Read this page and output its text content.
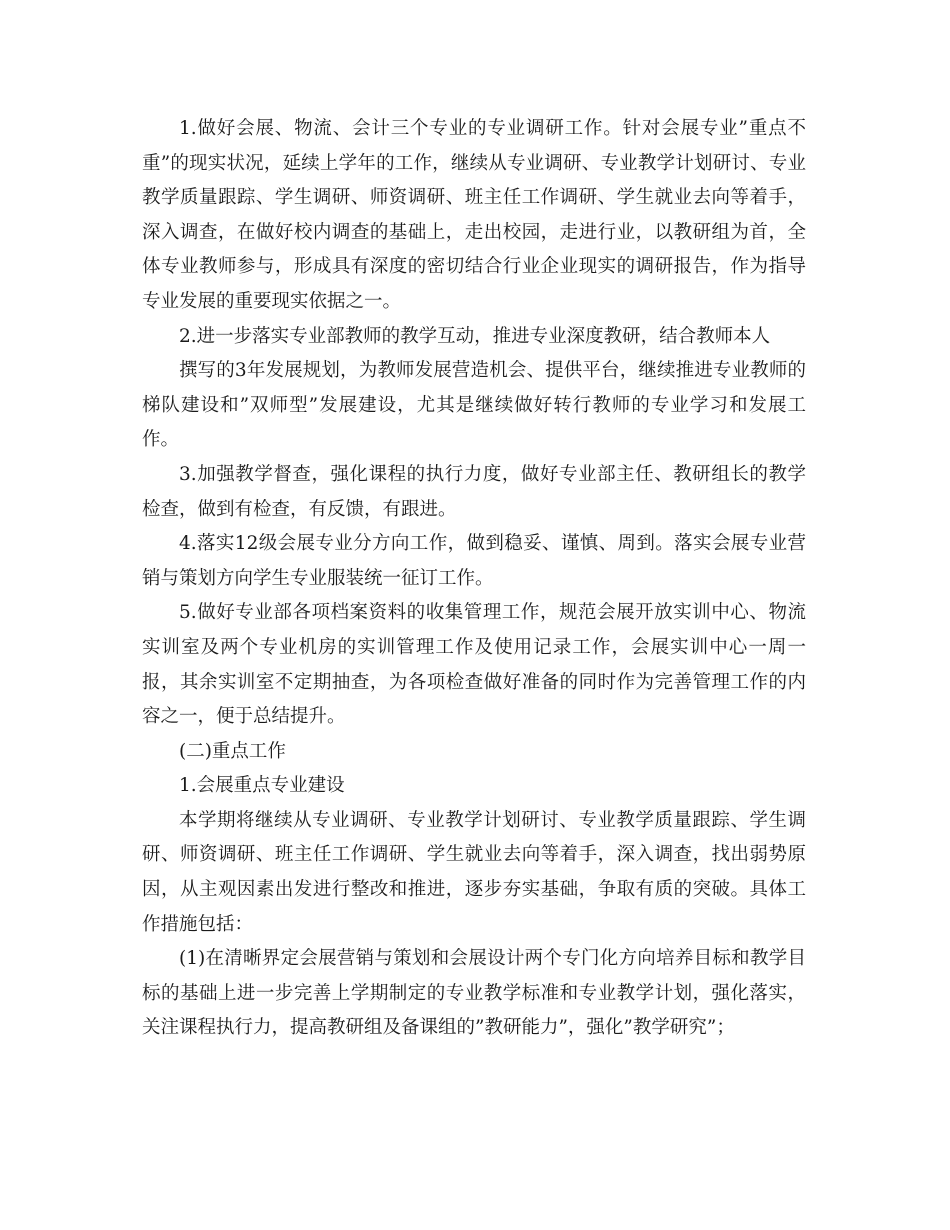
1.做好会展、物流、会计三个专业的专业调研工作。针对会展专业”重点不重”的现实状况，延续上学年的工作，继续从专业调研、专业教学计划研讨、专业教学质量跟踪、学生调研、师资调研、班主任工作调研、学生就业去向等着手，深入调查，在做好校内调查的基础上，走出校园，走进行业，以教研组为首，全体专业教师参与，形成具有深度的密切结合行业企业现实的调研报告，作为指导专业发展的重要现实依据之一。

2.进一步落实专业部教师的教学互动，推进专业深度教研，结合教师本人

撰写的3年发展规划，为教师发展营造机会、提供平台，继续推进专业教师的梯队建设和”双师型”发展建设，尤其是继续做好转行教师的专业学习和发展工作。

3.加强教学督查，强化课程的执行力度，做好专业部主任、教研组长的教学检查，做到有检查，有反馈，有跟进。

4.落实12级会展专业分方向工作，做到稳妥、谨慎、周到。落实会展专业营销与策划方向学生专业服装统一征订工作。

5.做好专业部各项档案资料的收集管理工作，规范会展开放实训中心、物流实训室及两个专业机房的实训管理工作及使用记录工作，会展实训中心一周一报，其余实训室不定期抽查，为各项检查做好准备的同时作为完善管理工作的内容之一，便于总结提升。

(二)重点工作

1.会展重点专业建设

本学期将继续从专业调研、专业教学计划研讨、专业教学质量跟踪、学生调研、师资调研、班主任工作调研、学生就业去向等着手，深入调查，找出弱势原因，从主观因素出发进行整改和推进，逐步夯实基础，争取有质的突破。具体工作措施包括：

(1)在清晰界定会展营销与策划和会展设计两个专门化方向培养目标和教学目标的基础上进一步完善上学期制定的专业教学标准和专业教学计划，强化落实，关注课程执行力，提高教研组及备课组的”教研能力”，强化”教学研究”；
